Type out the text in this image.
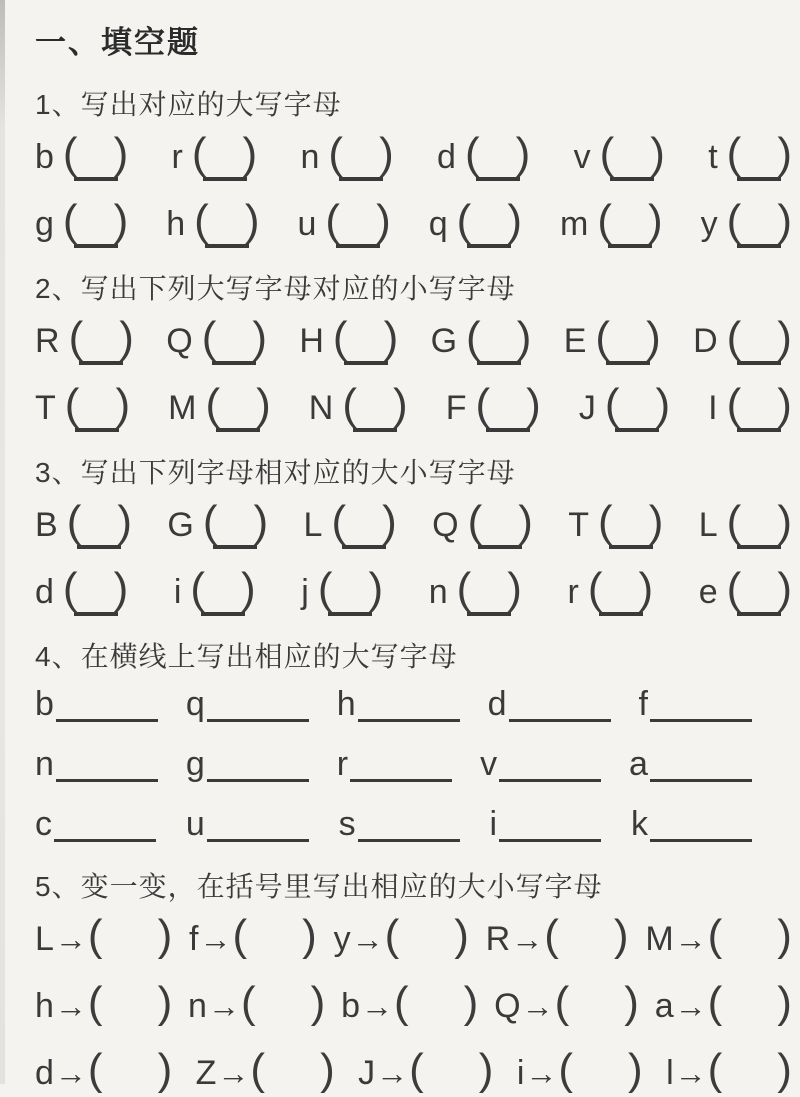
一、填空题
1、写出对应的大写字母
b ( ) r ( ) n ( ) d ( ) v ( ) t ( )
g ( ) h ( ) u ( ) q ( ) m ( ) y ( )
2、写出下列大写字母对应的小写字母
R ( ) Q ( ) H ( ) G ( ) E ( ) D ( )
T ( ) M ( ) N ( ) F ( ) J ( ) I ( )
3、写出下列字母相对应的大小写字母
B ( ) G ( ) L ( ) Q ( ) T ( ) L ( )
d ( ) i ( ) j ( ) n ( ) r ( ) e ( )
4、在横线上写出相应的大写字母
b	q	h	d	f
n	g	r	v	a
c	u	s	i	k
5、变一变，在括号里写出相应的大小写字母
L→( ) f→( ) y→( ) R→( ) M→( )
h→( ) n→( ) b→( ) Q→( ) a→( )
d→( ) Z→( ) J→( ) i→( ) l→( )
